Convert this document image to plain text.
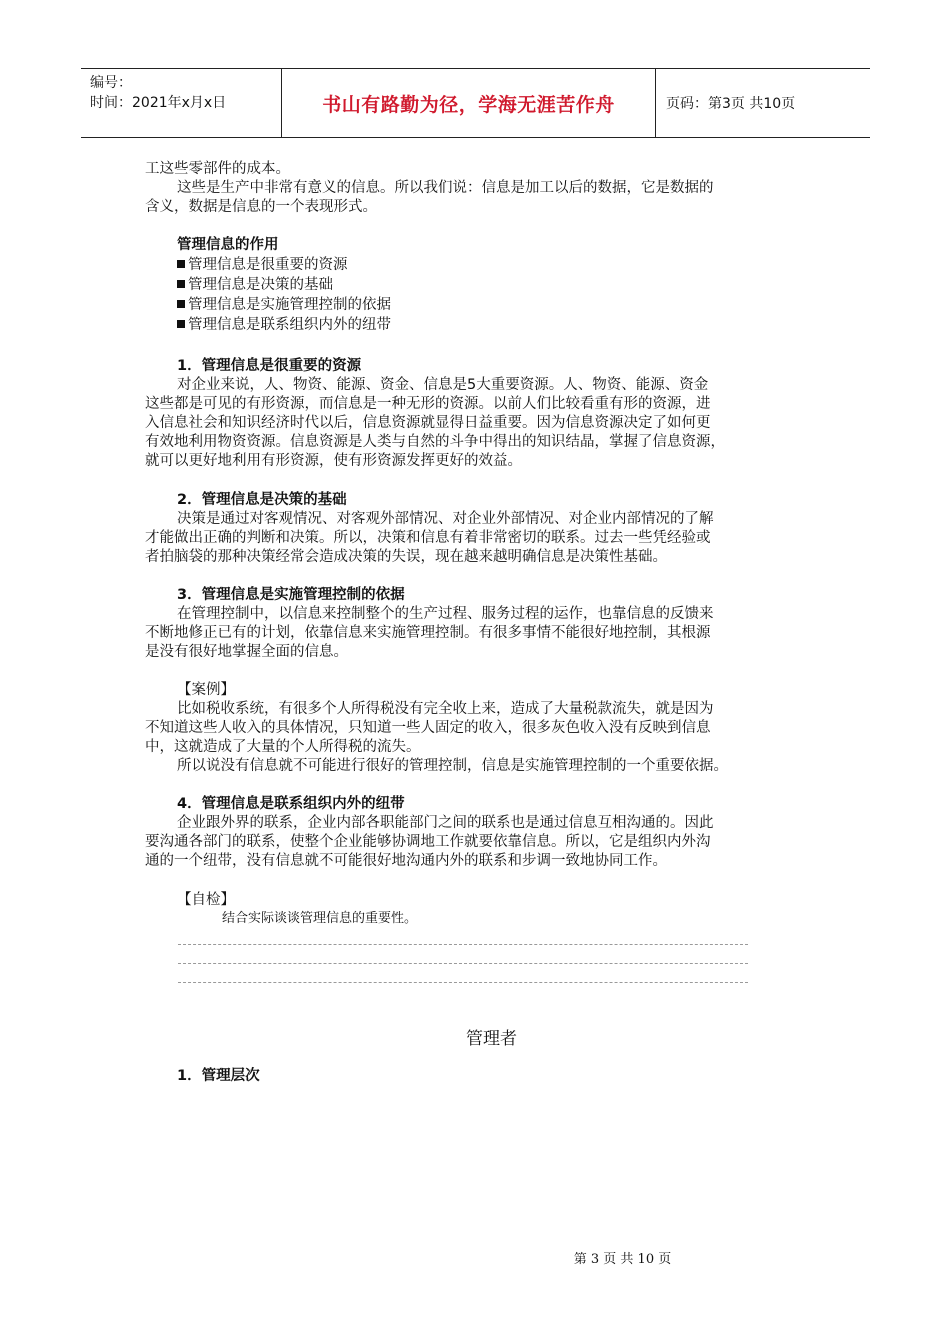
编号：
时间：2021年x月x日	书山有路勤为径，学海无涯苦作舟	页码：第3页 共10页
工这些零部件的成本。
这些是生产中非常有意义的信息。所以我们说：信息是加工以后的数据，它是数据的
含义，数据是信息的一个表现形式。
管理信息的作用
管理信息是很重要的资源
管理信息是决策的基础
管理信息是实施管理控制的依据
管理信息是联系组织内外的纽带
1．管理信息是很重要的资源
对企业来说，人、物资、能源、资金、信息是5大重要资源。人、物资、能源、资金
这些都是可见的有形资源，而信息是一种无形的资源。以前人们比较看重有形的资源，进
入信息社会和知识经济时代以后，信息资源就显得日益重要。因为信息资源决定了如何更
有效地利用物资资源。信息资源是人类与自然的斗争中得出的知识结晶，掌握了信息资源，
就可以更好地利用有形资源，使有形资源发挥更好的效益。
2．管理信息是决策的基础
决策是通过对客观情况、对客观外部情况、对企业外部情况、对企业内部情况的了解
才能做出正确的判断和决策。所以，决策和信息有着非常密切的联系。过去一些凭经验或
者拍脑袋的那种决策经常会造成决策的失误，现在越来越明确信息是决策性基础。
3．管理信息是实施管理控制的依据
在管理控制中，以信息来控制整个的生产过程、服务过程的运作，也靠信息的反馈来
不断地修正已有的计划，依靠信息来实施管理控制。有很多事情不能很好地控制，其根源
是没有很好地掌握全面的信息。
【案例】
比如税收系统，有很多个人所得税没有完全收上来，造成了大量税款流失，就是因为
不知道这些人收入的具体情况，只知道一些人固定的收入，很多灰色收入没有反映到信息
中，这就造成了大量的个人所得税的流失。
所以说没有信息就不可能进行很好的管理控制，信息是实施管理控制的一个重要依据。
4．管理信息是联系组织内外的纽带
企业跟外界的联系，企业内部各职能部门之间的联系也是通过信息互相沟通的。因此
要沟通各部门的联系，使整个企业能够协调地工作就要依靠信息。所以，它是组织内外沟
通的一个纽带，没有信息就不可能很好地沟通内外的联系和步调一致地协同工作。
【自检】
结合实际谈谈管理信息的重要性。
管理者
1．管理层次
第 3 页 共 10 页
